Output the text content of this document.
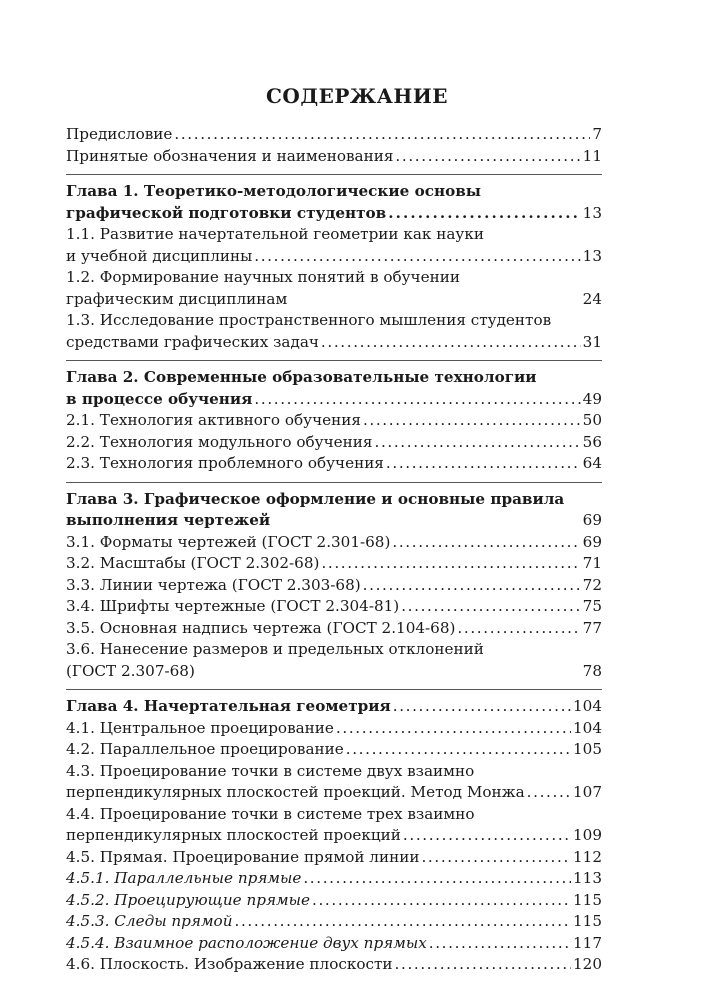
СОДЕРЖАНИЕ
Предисловие . . .	7
Принятые обозначения и наименования . . .	11
Глава 1. Теоретико-методологические основы
графической подготовки студентов . . .	13
1.1. Развитие начертательной геометрии как науки
и учебной дисциплины . . .	13
1.2. Формирование научных понятий в обучении
графическим дисциплинам	24
1.3. Исследование пространственного мышления студентов
средствами графических задач . . .	31
Глава 2. Современные образовательные технологии
в процессе обучения . . .	49
2.1. Технология активного обучения . . .	50
2.2. Технология модульного обучения . . .	56
2.3. Технология проблемного обучения . . .	64
Глава 3. Графическое оформление и основные правила
выполнения чертежей	69
3.1. Форматы чертежей (ГОСТ 2.301-68) . . .	69
3.2. Масштабы (ГОСТ 2.302-68) . . .	71
3.3. Линии чертежа (ГОСТ 2.303-68) . . .	72
3.4. Шрифты чертежные (ГОСТ 2.304-81) . . .	75
3.5. Основная надпись чертежа (ГОСТ 2.104-68) . . .	77
3.6. Нанесение размеров и предельных отклонений
(ГОСТ 2.307-68)	78
Глава 4. Начертательная геометрия . . .	104
4.1. Центральное проецирование . . .	104
4.2. Параллельное проецирование . . .	105
4.3. Проецирование точки в системе двух взаимно
перпендикулярных плоскостей проекций. Метод Монжа . . .	107
4.4. Проецирование точки в системе трех взаимно
перпендикулярных плоскостей проекций . . .	109
4.5. Прямая. Проецирование прямой линии . . .	112
4.5.1. Параллельные прямые . . .	113
4.5.2. Проецирующие прямые . . .	115
4.5.3. Следы прямой . . .	115
4.5.4. Взаимное расположение двух прямых . . .	117
4.6. Плоскость. Изображение плоскости . . .	120
